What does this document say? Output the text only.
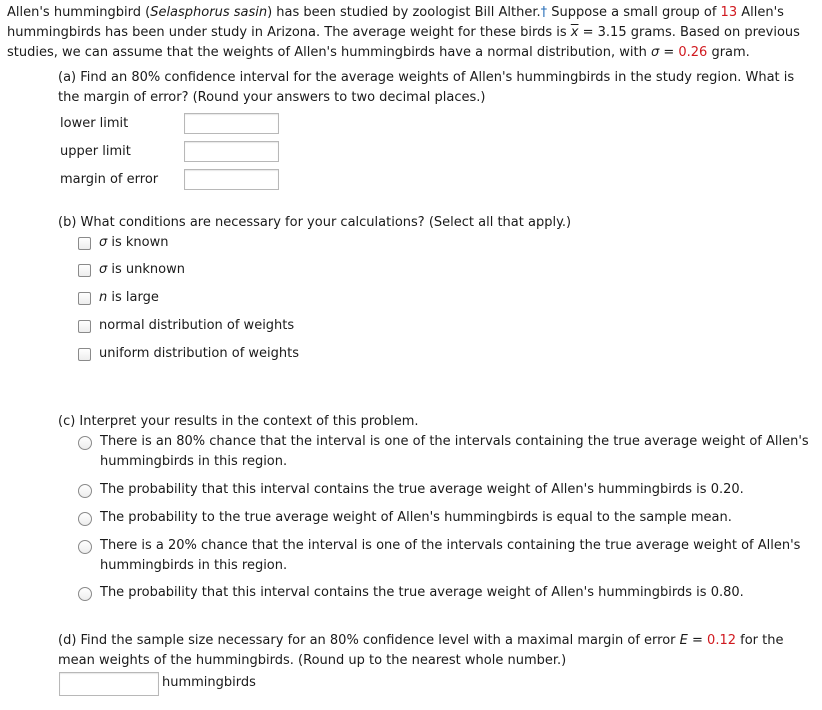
Allen's hummingbird (Selasphorus sasin) has been studied by zoologist Bill Alther.† Suppose a small group of 13 Allen's hummingbirds has been under study in Arizona. The average weight for these birds is $\overline{x} = 3.15$ grams. Based on previous studies, we can assume that the weights of Allen's hummingbirds have a normal distribution, with σ = 0.26 gram.
(a) Find an 80% confidence interval for the average weights of Allen's hummingbirds in the study region. What is the margin of error? (Round your answers to two decimal places.)
lower limit
upper limit
margin of error
(b) What conditions are necessary for your calculations? (Select all that apply.)
σ is known
σ is unknown
n is large
normal distribution of weights
uniform distribution of weights
(c) Interpret your results in the context of this problem.
There is an 80% chance that the interval is one of the intervals containing the true average weight of Allen's hummingbirds in this region.
The probability that this interval contains the true average weight of Allen's hummingbirds is 0.20.
The probability to the true average weight of Allen's hummingbirds is equal to the sample mean.
There is a 20% chance that the interval is one of the intervals containing the true average weight of Allen's hummingbirds in this region.
The probability that this interval contains the true average weight of Allen's hummingbirds is 0.80.
(d) Find the sample size necessary for an 80% confidence level with a maximal margin of error E = 0.12 for the mean weights of the hummingbirds. (Round up to the nearest whole number.)
hummingbirds
